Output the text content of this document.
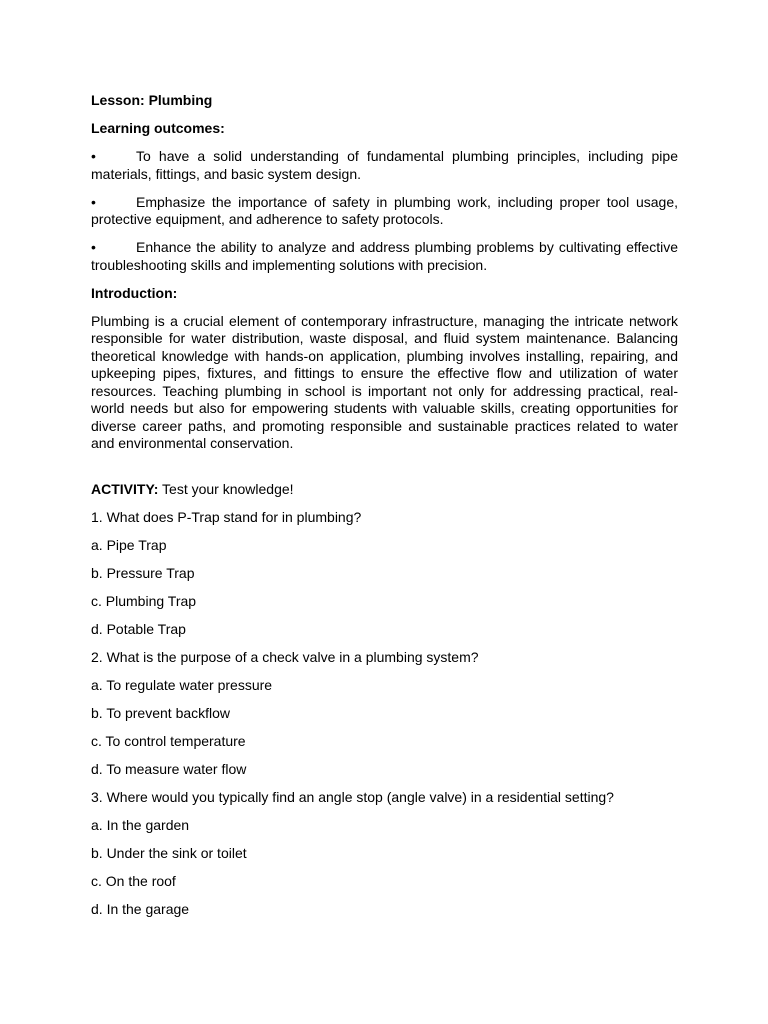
Lesson: Plumbing

Learning outcomes:

•	To have a solid understanding of fundamental plumbing principles, including pipe materials, fittings, and basic system design.

•	Emphasize the importance of safety in plumbing work, including proper tool usage, protective equipment, and adherence to safety protocols.

•	Enhance the ability to analyze and address plumbing problems by cultivating effective troubleshooting skills and implementing solutions with precision.

Introduction:

Plumbing is a crucial element of contemporary infrastructure, managing the intricate network responsible for water distribution, waste disposal, and fluid system maintenance. Balancing theoretical knowledge with hands-on application, plumbing involves installing, repairing, and upkeeping pipes, fixtures, and fittings to ensure the effective flow and utilization of water resources. Teaching plumbing in school is important not only for addressing practical, real-world needs but also for empowering students with valuable skills, creating opportunities for diverse career paths, and promoting responsible and sustainable practices related to water and environmental conservation.

ACTIVITY: Test your knowledge!

1. What does P-Trap stand for in plumbing?

a. Pipe Trap

b. Pressure Trap

c. Plumbing Trap

d. Potable Trap

2. What is the purpose of a check valve in a plumbing system?

a. To regulate water pressure

b. To prevent backflow

c. To control temperature

d. To measure water flow

3. Where would you typically find an angle stop (angle valve) in a residential setting?

a. In the garden

b. Under the sink or toilet

c. On the roof

d. In the garage
